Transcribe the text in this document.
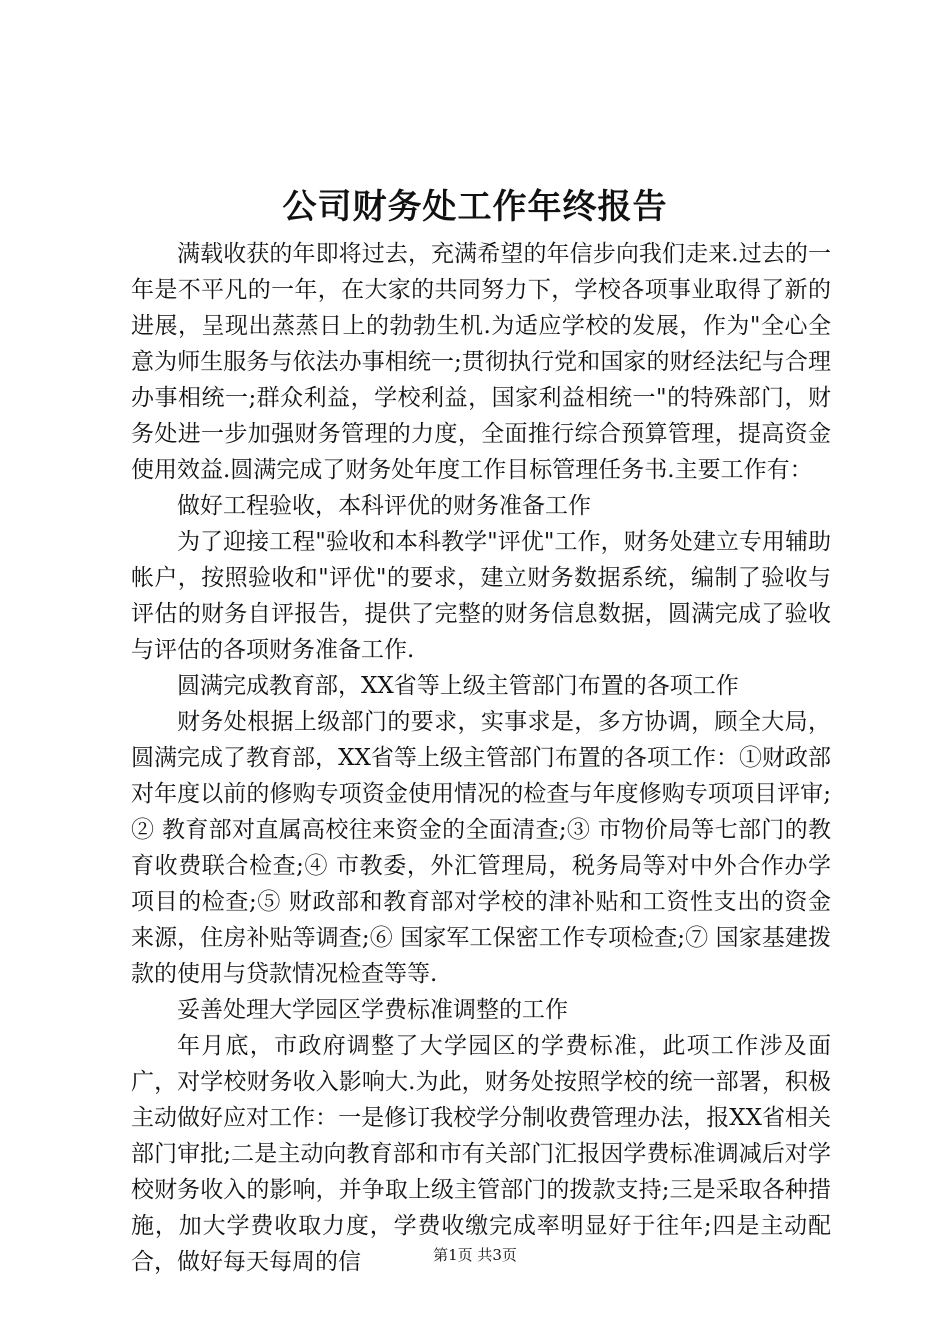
公司财务处工作年终报告

满载收获的年即将过去，充满希望的年信步向我们走来.过去的一年是不平凡的一年，在大家的共同努力下，学校各项事业取得了新的进展，呈现出蒸蒸日上的勃勃生机.为适应学校的发展，作为"全心全意为师生服务与依法办事相统一;贯彻执行党和国家的财经法纪与合理办事相统一;群众利益，学校利益，国家利益相统一"的特殊部门，财务处进一步加强财务管理的力度，全面推行综合预算管理，提高资金使用效益.圆满完成了财务处年度工作目标管理任务书.主要工作有：

做好工程验收，本科评优的财务准备工作

为了迎接工程"验收和本科教学"评优"工作，财务处建立专用辅助帐户，按照验收和"评优"的要求，建立财务数据系统，编制了验收与评估的财务自评报告，提供了完整的财务信息数据，圆满完成了验收与评估的各项财务准备工作.

圆满完成教育部，XX省等上级主管部门布置的各项工作

财务处根据上级部门的要求，实事求是，多方协调，顾全大局，圆满完成了教育部，XX省等上级主管部门布置的各项工作：①财政部对年度以前的修购专项资金使用情况的检查与年度修购专项项目评审;② 教育部对直属高校往来资金的全面清查;③ 市物价局等七部门的教育收费联合检查;④ 市教委，外汇管理局，税务局等对中外合作办学项目的检查;⑤ 财政部和教育部对学校的津补贴和工资性支出的资金来源，住房补贴等调查;⑥ 国家军工保密工作专项检查;⑦ 国家基建拨款的使用与贷款情况检查等等.

妥善处理大学园区学费标准调整的工作

年月底，市政府调整了大学园区的学费标准，此项工作涉及面广，对学校财务收入影响大.为此，财务处按照学校的统一部署，积极主动做好应对工作：一是修订我校学分制收费管理办法，报XX省相关部门审批;二是主动向教育部和市有关部门汇报因学费标准调减后对学校财务收入的影响，并争取上级主管部门的拨款支持;三是采取各种措施，加大学费收取力度，学费收缴完成率明显好于往年;四是主动配合，做好每天每周的信	第1页 共3页
